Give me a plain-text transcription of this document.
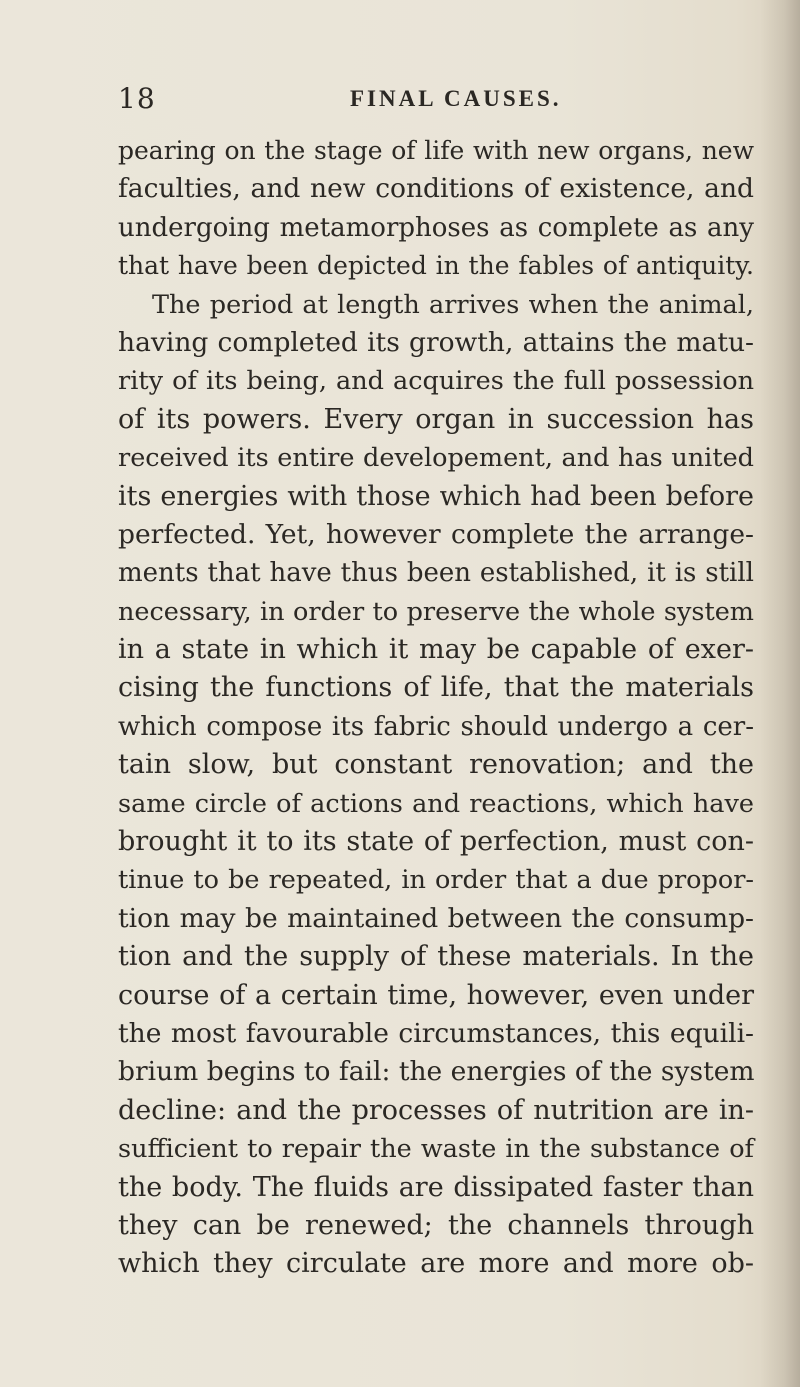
18	FINAL CAUSES.
pearing on the stage of life with new organs, new
faculties, and new conditions of existence, and
undergoing metamorphoses as complete as any
that have been depicted in the fables of antiquity.
The period at length arrives when the animal,
having completed its growth, attains the matu-
rity of its being, and acquires the full possession
of its powers. Every organ in succession has
received its entire developement, and has united
its energies with those which had been before
perfected. Yet, however complete the arrange-
ments that have thus been established, it is still
necessary, in order to preserve the whole system
in a state in which it may be capable of exer-
cising the functions of life, that the materials
which compose its fabric should undergo a cer-
tain slow, but constant renovation; and the
same circle of actions and reactions, which have
brought it to its state of perfection, must con-
tinue to be repeated, in order that a due propor-
tion may be maintained between the consump-
tion and the supply of these materials. In the
course of a certain time, however, even under
the most favourable circumstances, this equili-
brium begins to fail: the energies of the system
decline: and the processes of nutrition are in-
sufficient to repair the waste in the substance of
the body. The fluids are dissipated faster than
they can be renewed; the channels through
which they circulate are more and more ob-
